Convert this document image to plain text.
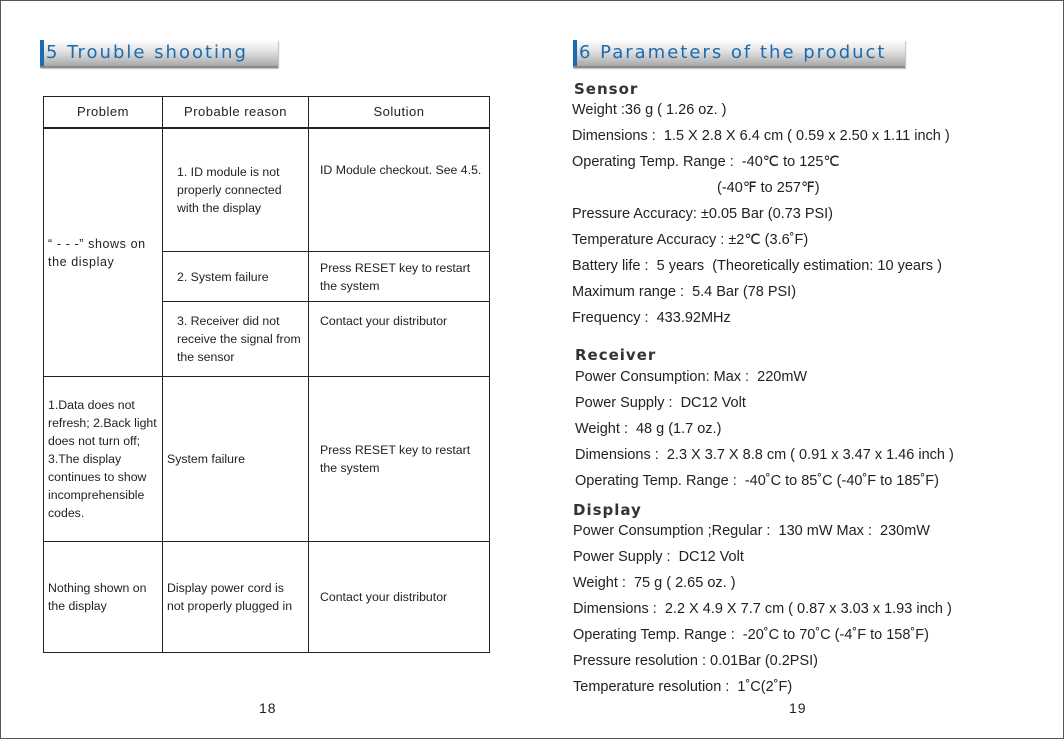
5 Trouble shooting
Problem	Probable reason	Solution
“ - - -” shows on the display	1. ID module is not properly connected with the display	ID Module checkout. See 4.5.
	2. System failure	Press RESET key to restart the system
	3. Receiver did not receive the signal from the sensor	Contact your distributor
1.Data does not refresh; 2.Back light does not turn off; 3.The display continues to show incomprehensible codes.	System failure	Press RESET key to restart the system
Nothing shown on the display	Display power cord is not properly plugged in	Contact your distributor
18
6 Parameters of the product
Sensor
Weight :36 g ( 1.26 oz. )
Dimensions :  1.5 X 2.8 X 6.4 cm ( 0.59 x 2.50 x 1.11 inch )
Operating Temp. Range :  -40℃ to 125℃
(-40℉ to 257℉)
Pressure Accuracy: ±0.05 Bar (0.73 PSI)
Temperature Accuracy : ±2℃ (3.6˚F)
Battery life :  5 years  (Theoretically estimation: 10 years )
Maximum range :  5.4 Bar (78 PSI)
Frequency :  433.92MHz
Receiver
Power Consumption: Max :  220mW
Power Supply :  DC12 Volt
Weight :  48 g (1.7 oz.)
Dimensions :  2.3 X 3.7 X 8.8 cm ( 0.91 x 3.47 x 1.46 inch )
Operating Temp. Range :  -40˚C to 85˚C (-40˚F to 185˚F)
Display
Power Consumption ;Regular :  130 mW Max :  230mW
Power Supply :  DC12 Volt
Weight :  75 g ( 2.65 oz. )
Dimensions :  2.2 X 4.9 X 7.7 cm ( 0.87 x 3.03 x 1.93 inch )
Operating Temp. Range :  -20˚C to 70˚C (-4˚F to 158˚F)
Pressure resolution : 0.01Bar (0.2PSI)
Temperature resolution :  1˚C(2˚F)
19
